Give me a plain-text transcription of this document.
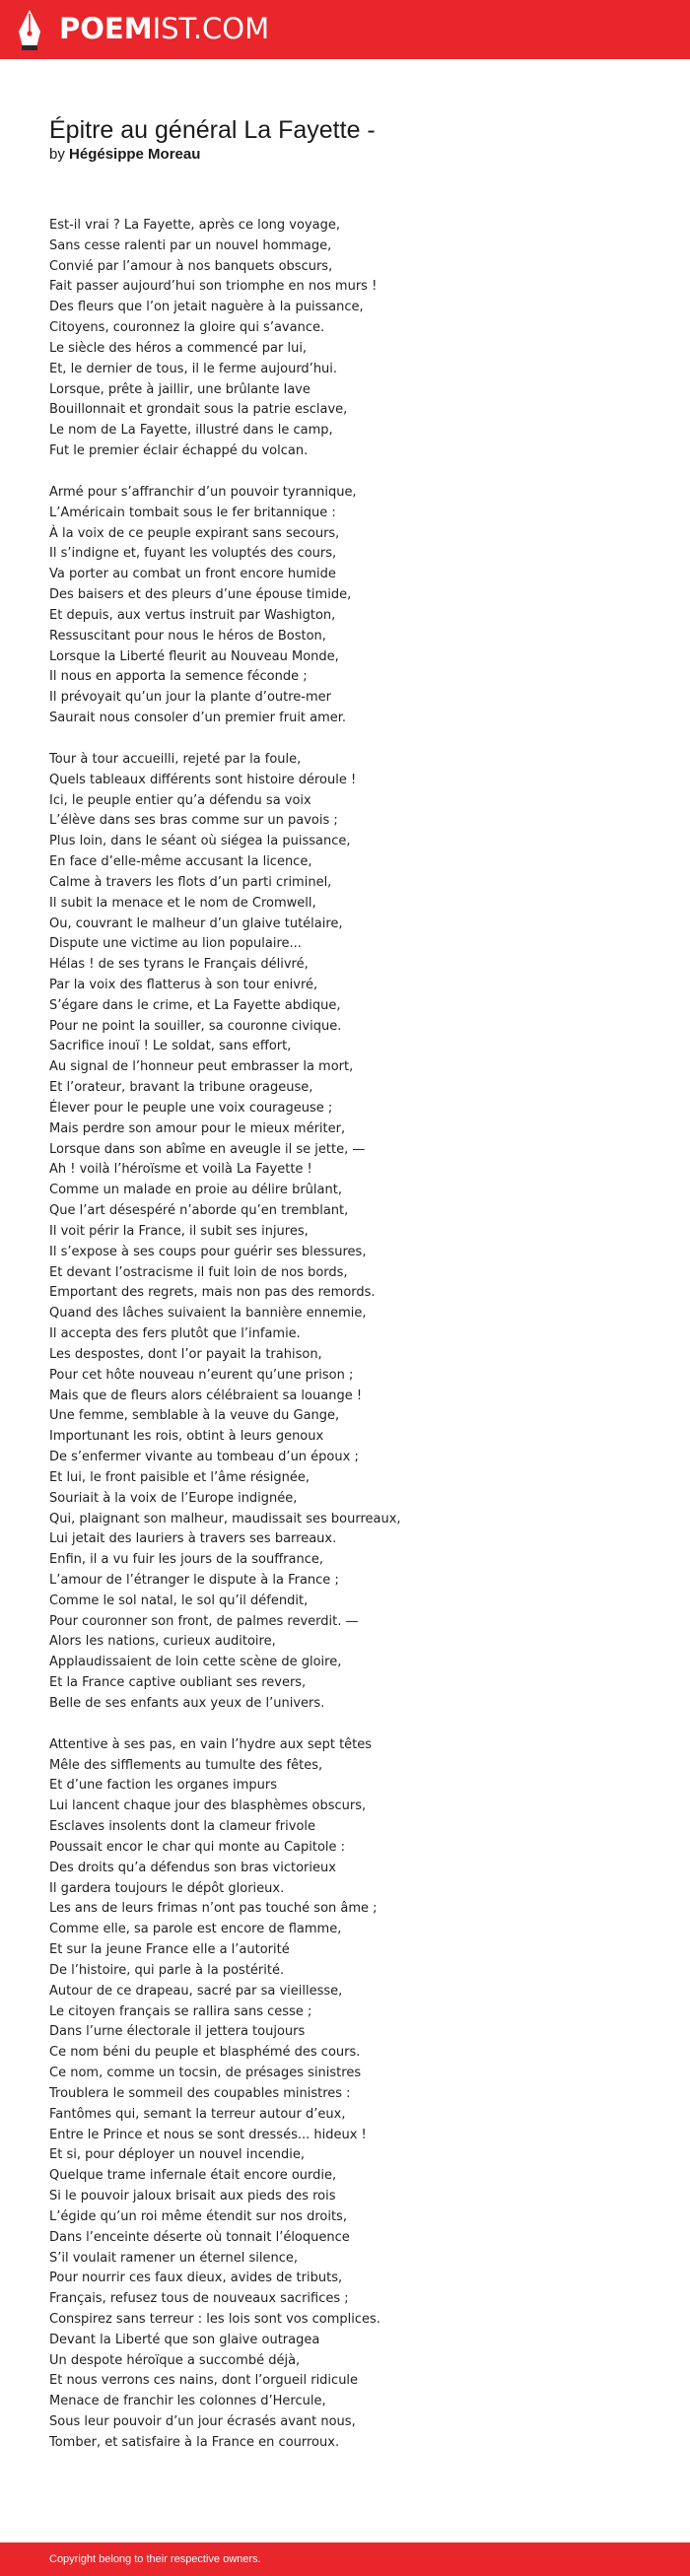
POEMIST.COM
Épitre au général La Fayette -
by Hégésippe Moreau
Est-il vrai ? La Fayette, après ce long voyage,
Sans cesse ralenti par un nouvel hommage,
Convié par l’amour à nos banquets obscurs,
Fait passer aujourd’hui son triomphe en nos murs !
Des fleurs que l’on jetait naguère à la puissance,
Citoyens, couronnez la gloire qui s’avance.
Le siècle des héros a commencé par lui,
Et, le dernier de tous, il le ferme aujourd’hui.
Lorsque, prête à jaillir, une brûlante lave
Bouillonnait et grondait sous la patrie esclave,
Le nom de La Fayette, illustré dans le camp,
Fut le premier éclair échappé du volcan.
Armé pour s’affranchir d’un pouvoir tyrannique,
L’Américain tombait sous le fer britannique :
À la voix de ce peuple expirant sans secours,
Il s’indigne et, fuyant les voluptés des cours,
Va porter au combat un front encore humide
Des baisers et des pleurs d’une épouse timide,
Et depuis, aux vertus instruit par Washigton,
Ressuscitant pour nous le héros de Boston,
Lorsque la Liberté fleurit au Nouveau Monde,
Il nous en apporta la semence féconde ;
Il prévoyait qu’un jour la plante d’outre-mer
Saurait nous consoler d’un premier fruit amer.
Tour à tour accueilli, rejeté par la foule,
Quels tableaux différents sont histoire déroule !
Ici, le peuple entier qu’a défendu sa voix
L’élève dans ses bras comme sur un pavois ;
Plus loin, dans le séant où siégea la puissance,
En face d’elle-même accusant la licence,
Calme à travers les flots d’un parti criminel,
Il subit la menace et le nom de Cromwell,
Ou, couvrant le malheur d’un glaive tutélaire,
Dispute une victime au lion populaire...
Hélas ! de ses tyrans le Français délivré,
Par la voix des flatterus à son tour enivré,
S’égare dans le crime, et La Fayette abdique,
Pour ne point la souiller, sa couronne civique.
Sacrifice inouï ! Le soldat, sans effort,
Au signal de l’honneur peut embrasser la mort,
Et l’orateur, bravant la tribune orageuse,
Élever pour le peuple une voix courageuse ;
Mais perdre son amour pour le mieux mériter,
Lorsque dans son abîme en aveugle il se jette, —
Ah ! voilà l’héroïsme et voilà La Fayette !
Comme un malade en proie au délire brûlant,
Que l’art désespéré n’aborde qu’en tremblant,
Il voit périr la France, il subit ses injures,
Il s’expose à ses coups pour guérir ses blessures,
Et devant l’ostracisme il fuit loin de nos bords,
Emportant des regrets, mais non pas des remords.
Quand des lâches suivaient la bannière ennemie,
Il accepta des fers plutôt que l’infamie.
Les despostes, dont l’or payait la trahison,
Pour cet hôte nouveau n’eurent qu’une prison ;
Mais que de fleurs alors célébraient sa louange !
Une femme, semblable à la veuve du Gange,
Importunant les rois, obtint à leurs genoux
De s’enfermer vivante au tombeau d’un époux ;
Et lui, le front paisible et l’âme résignée,
Souriait à la voix de l’Europe indignée,
Qui, plaignant son malheur, maudissait ses bourreaux,
Lui jetait des lauriers à travers ses barreaux.
Enfin, il a vu fuir les jours de la souffrance,
L’amour de l’étranger le dispute à la France ;
Comme le sol natal, le sol qu’il défendit,
Pour couronner son front, de palmes reverdit. —
Alors les nations, curieux auditoire,
Applaudissaient de loin cette scène de gloire,
Et la France captive oubliant ses revers,
Belle de ses enfants aux yeux de l’univers.
Attentive à ses pas, en vain l’hydre aux sept têtes
Mêle des sifflements au tumulte des fêtes,
Et d’une faction les organes impurs
Lui lancent chaque jour des blasphèmes obscurs,
Esclaves insolents dont la clameur frivole
Poussait encor le char qui monte au Capitole :
Des droits qu’a défendus son bras victorieux
Il gardera toujours le dépôt glorieux.
Les ans de leurs frimas n’ont pas touché son âme ;
Comme elle, sa parole est encore de flamme,
Et sur la jeune France elle a l’autorité
De l’histoire, qui parle à la postérité.
Autour de ce drapeau, sacré par sa vieillesse,
Le citoyen français se rallira sans cesse ;
Dans l’urne électorale il jettera toujours
Ce nom béni du peuple et blasphémé des cours.
Ce nom, comme un tocsin, de présages sinistres
Troublera le sommeil des coupables ministres :
Fantômes qui, semant la terreur autour d’eux,
Entre le Prince et nous se sont dressés... hideux !
Et si, pour déployer un nouvel incendie,
Quelque trame infernale était encore ourdie,
Si le pouvoir jaloux brisait aux pieds des rois
L’égide qu’un roi même étendit sur nos droits,
Dans l’enceinte déserte où tonnait l’éloquence
S’il voulait ramener un éternel silence,
Pour nourrir ces faux dieux, avides de tributs,
Français, refusez tous de nouveaux sacrifices ;
Conspirez sans terreur : les lois sont vos complices.
Devant la Liberté que son glaive outragea
Un despote héroïque a succombé déjà,
Et nous verrons ces nains, dont l’orgueil ridicule
Menace de franchir les colonnes d’Hercule,
Sous leur pouvoir d’un jour écrasés avant nous,
Tomber, et satisfaire à la France en courroux.
Copyright belong to their respective owners.
